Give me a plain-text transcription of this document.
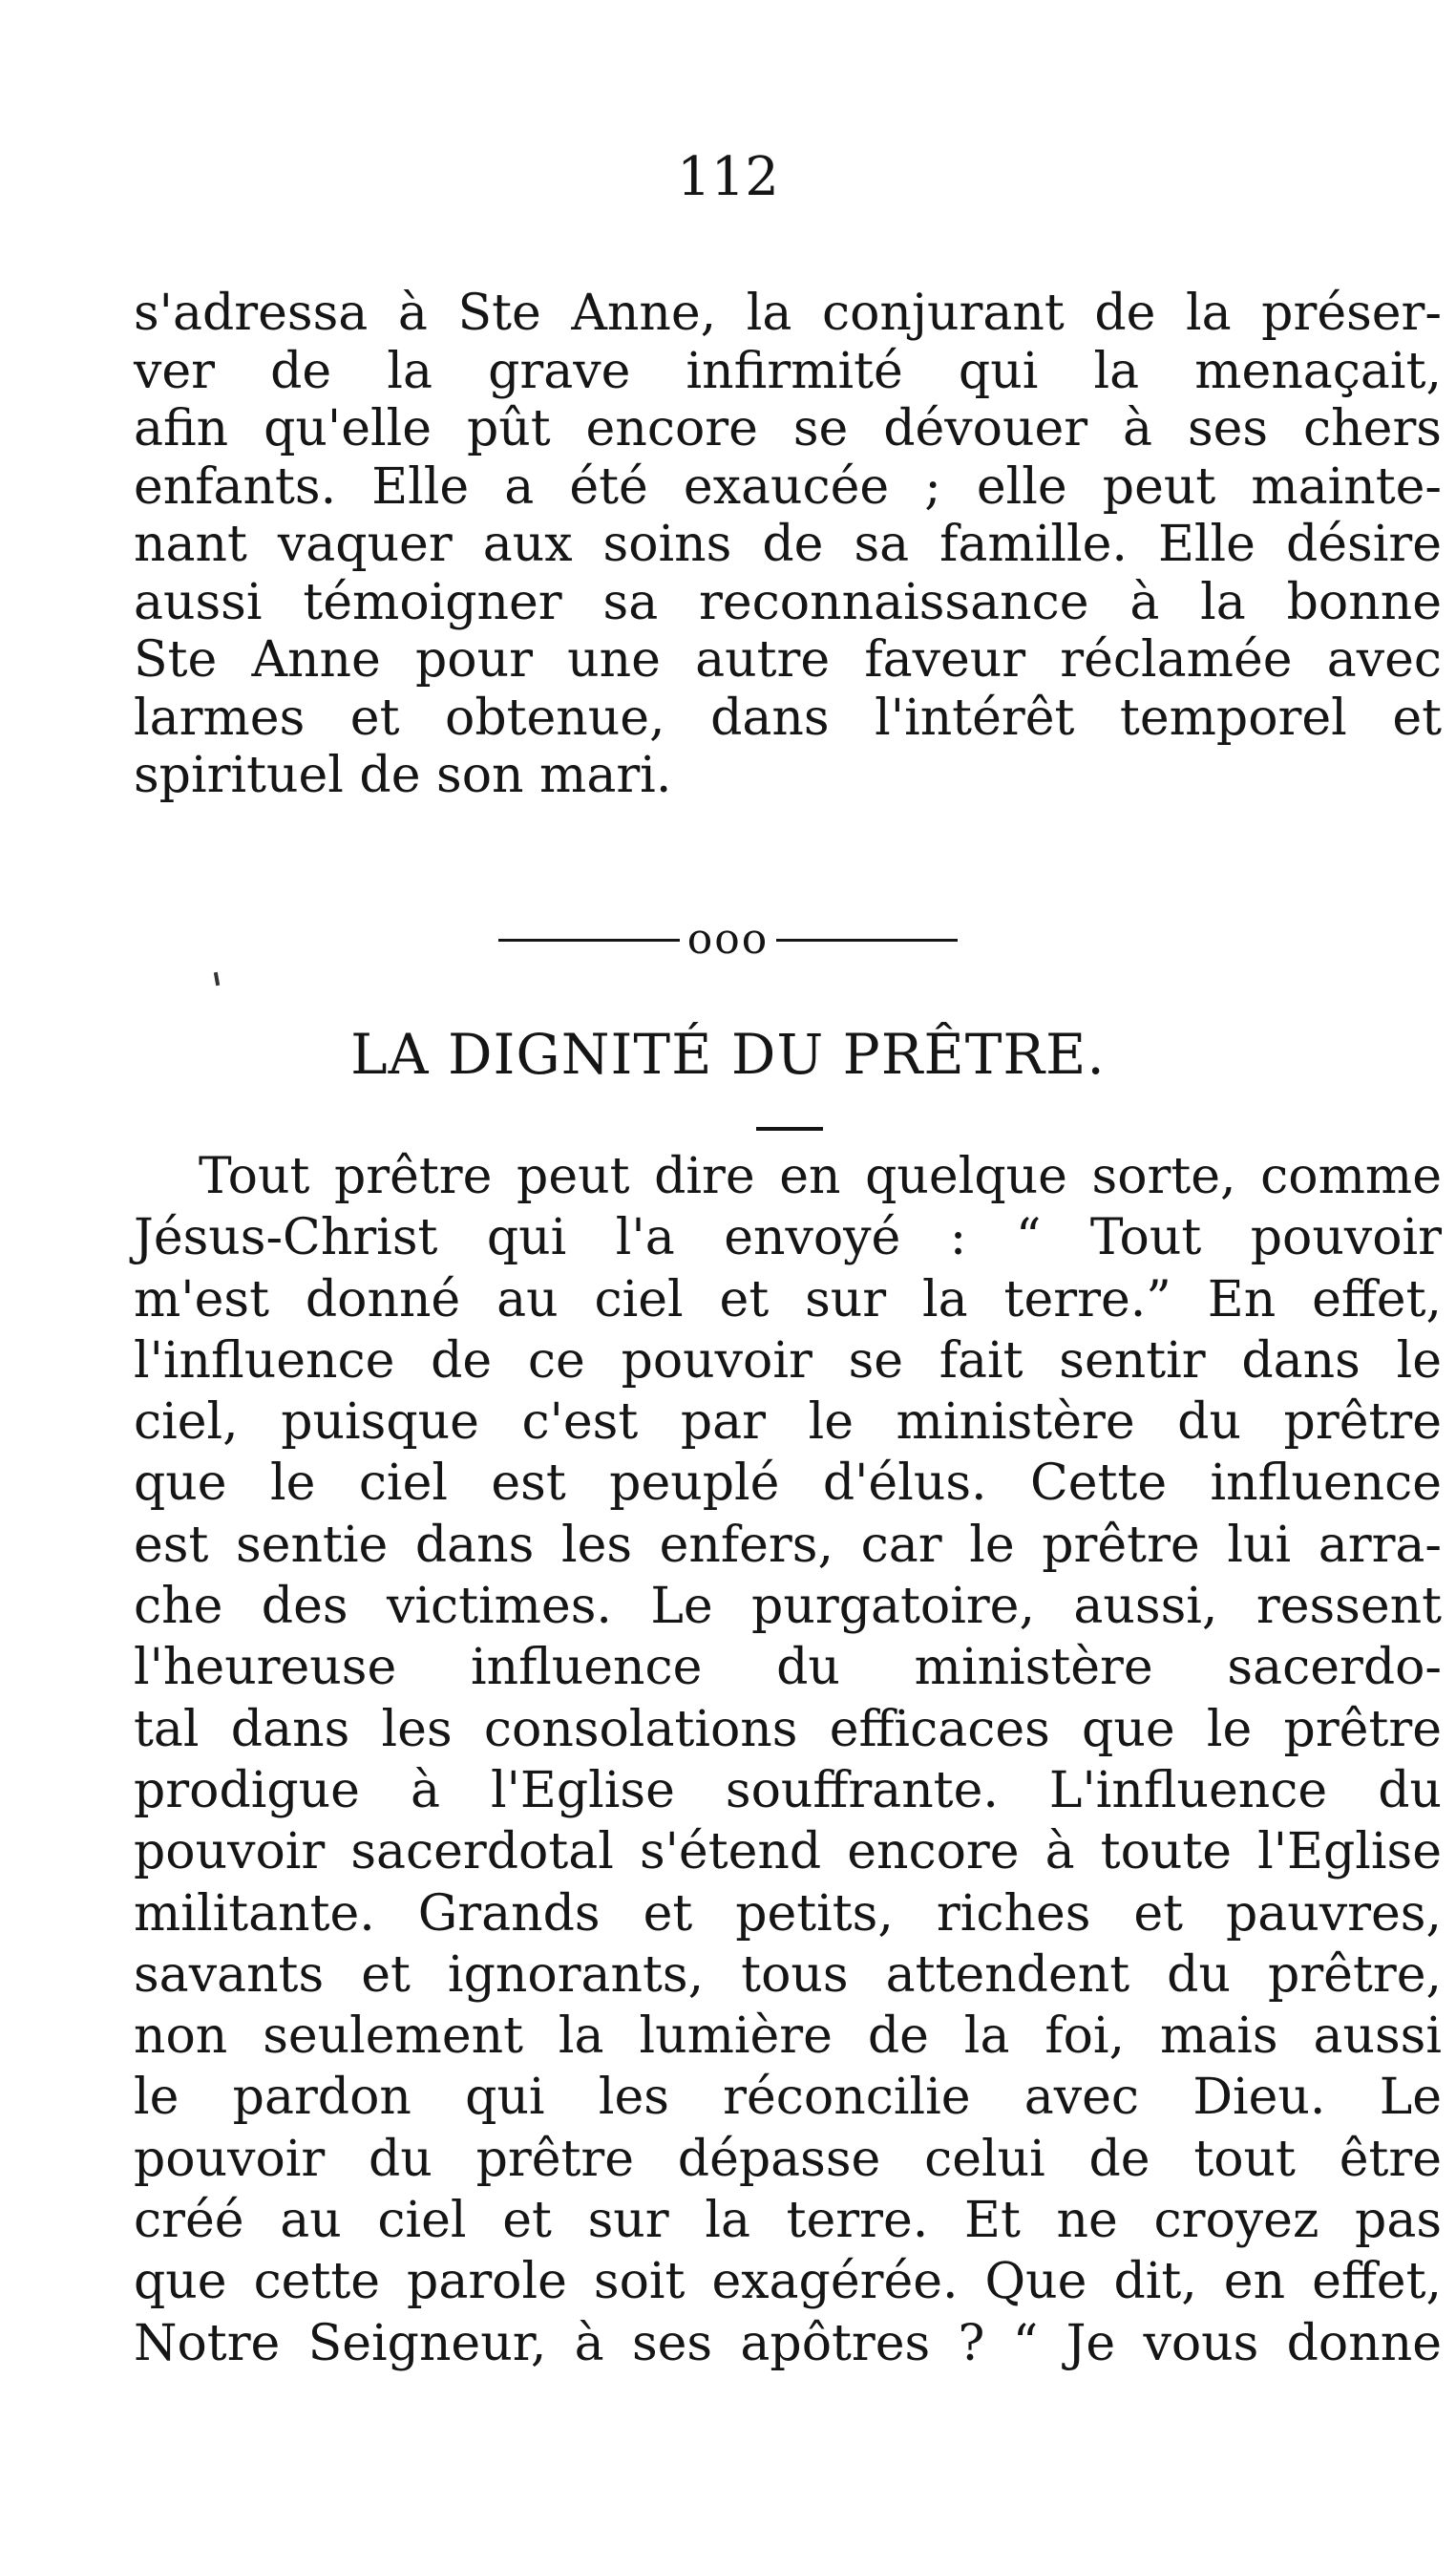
112
s'adressa à Ste Anne, la conjurant de la préser-
ver de la grave infirmité qui la menaçait,
afin qu'elle pût encore se dévouer à ses chers
enfants. Elle a été exaucée ; elle peut mainte-
nant vaquer aux soins de sa famille. Elle désire
aussi témoigner sa reconnaissance à la bonne
Ste Anne pour une autre faveur réclamée avec
larmes et obtenue, dans l'intérêt temporel et
spirituel de son mari.
ooo
LA DIGNITÉ DU PRÊTRE.
Tout prêtre peut dire en quelque sorte, comme
Jésus-Christ qui l'a envoyé : “ Tout pouvoir
m'est donné au ciel et sur la terre.” En effet,
l'influence de ce pouvoir se fait sentir dans le
ciel, puisque c'est par le ministère du prêtre
que le ciel est peuplé d'élus. Cette influence
est sentie dans les enfers, car le prêtre lui arra-
che des victimes. Le purgatoire, aussi, ressent
l'heureuse influence du ministère sacerdo-
tal dans les consolations efficaces que le prêtre
prodigue à l'Eglise souffrante. L'influence du
pouvoir sacerdotal s'étend encore à toute l'Eglise
militante. Grands et petits, riches et pauvres,
savants et ignorants, tous attendent du prêtre,
non seulement la lumière de la foi, mais aussi
le pardon qui les réconcilie avec Dieu. Le
pouvoir du prêtre dépasse celui de tout être
créé au ciel et sur la terre. Et ne croyez pas
que cette parole soit exagérée. Que dit, en effet,
Notre Seigneur, à ses apôtres ? “ Je vous donne
